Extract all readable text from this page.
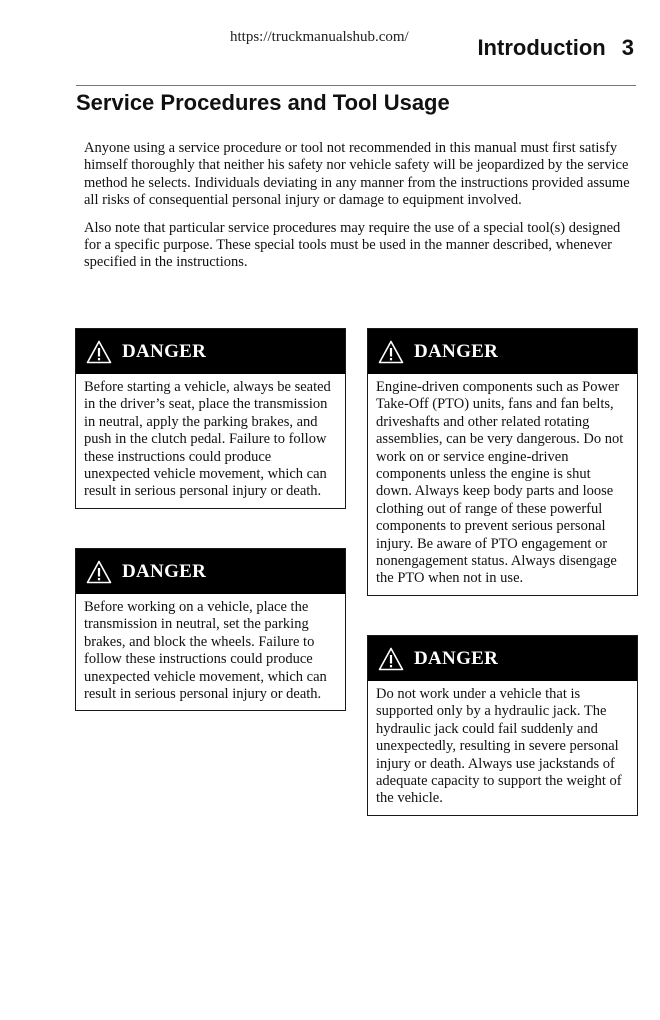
https://truckmanualshub.com/	Introduction 3
Service Procedures and Tool Usage

Anyone using a service procedure or tool not recommended in this manual must first satisfy himself thoroughly that neither his safety nor vehicle safety will be jeopardized by the service method he selects. Individuals deviating in any manner from the instructions provided assume all risks of consequential personal injury or damage to equipment involved.

Also note that particular service procedures may require the use of a special tool(s) designed for a specific purpose. These special tools must be used in the manner described, whenever specified in the instructions.

DANGER
Before starting a vehicle, always be seated in the driver’s seat, place the transmission in neutral, apply the parking brakes, and push in the clutch pedal. Failure to follow these instructions could produce unexpected vehicle movement, which can result in serious personal injury or death.
DANGER
Before working on a vehicle, place the transmission in neutral, set the parking brakes, and block the wheels. Failure to follow these instructions could produce unexpected vehicle movement, which can result in serious personal injury or death.
DANGER
Engine-driven components such as Power Take-Off (PTO) units, fans and fan belts, driveshafts and other related rotating assemblies, can be very dangerous. Do not work on or service engine-driven components unless the engine is shut down. Always keep body parts and loose clothing out of range of these powerful components to prevent serious personal injury. Be aware of PTO engagement or nonengagement status. Always disengage the PTO when not in use.
DANGER
Do not work under a vehicle that is supported only by a hydraulic jack. The hydraulic jack could fail suddenly and unexpectedly, resulting in severe personal injury or death. Always use jackstands of adequate capacity to support the weight of the vehicle.
